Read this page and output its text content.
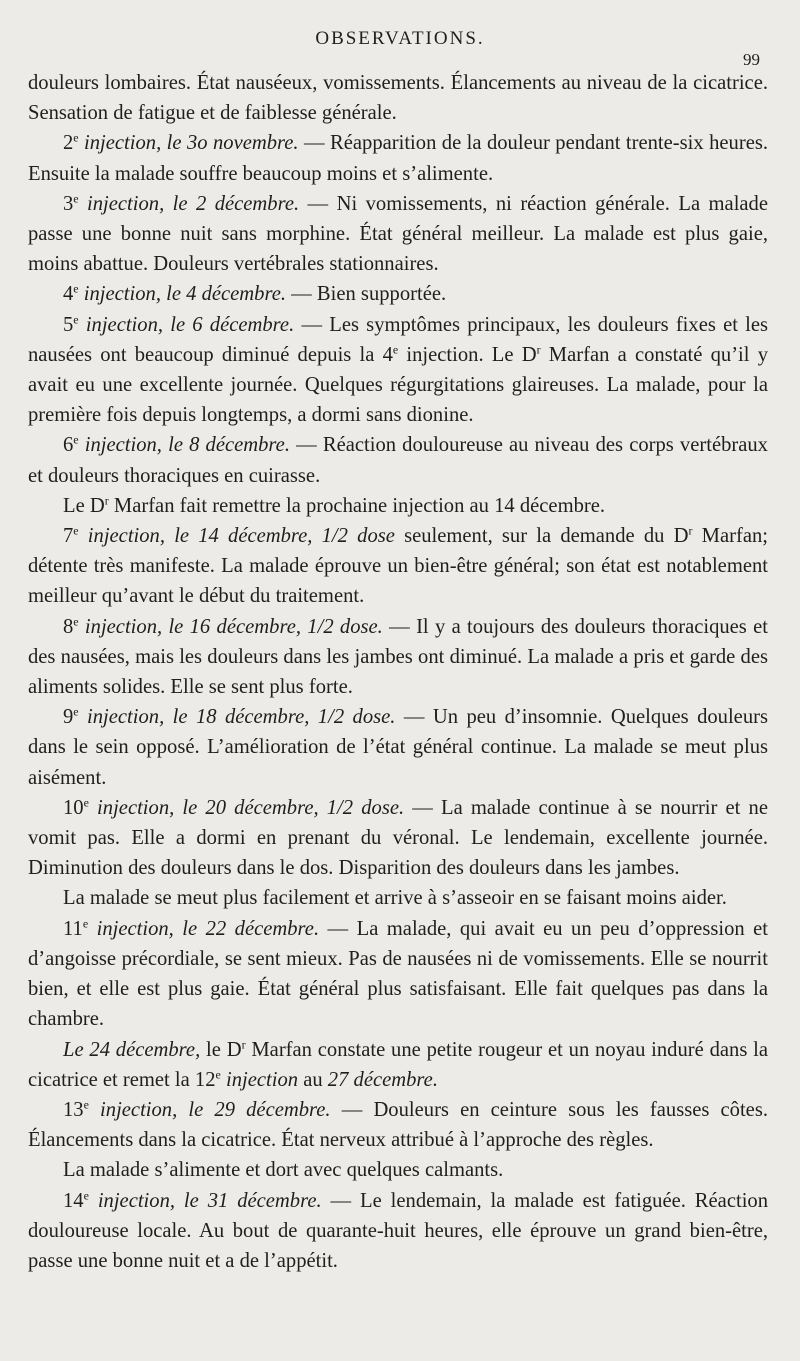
OBSERVATIONS.
99

douleurs lombaires. État nauséeux, vomissements. Élancements au niveau de la cicatrice. Sensation de fatigue et de faiblesse générale.

2e injection, le 3o novembre. — Réapparition de la douleur pendant trente-six heures. Ensuite la malade souffre beaucoup moins et s’alimente.

3e injection, le 2 décembre. — Ni vomissements, ni réaction générale. La malade passe une bonne nuit sans morphine. État général meilleur. La malade est plus gaie, moins abattue. Douleurs vertébrales stationnaires.

4e injection, le 4 décembre. — Bien supportée.

5e injection, le 6 décembre. — Les symptômes principaux, les douleurs fixes et les nausées ont beaucoup diminué depuis la 4e injection. Le $D^r$ Marfan a constaté qu’il y avait eu une excellente journée. Quelques régurgitations glaireuses. La malade, pour la première fois depuis longtemps, a dormi sans dionine.

6e injection, le 8 décembre. — Réaction douloureuse au niveau des corps vertébraux et douleurs thoraciques en cuirasse.

Le $D^r$ Marfan fait remettre la prochaine injection au 14 décembre.

7e injection, le 14 décembre, 1/2 dose seulement, sur la demande du $D^r$ Marfan; détente très manifeste. La malade éprouve un bien-être général; son état est notablement meilleur qu’avant le début du traitement.

8e injection, le 16 décembre, 1/2 dose. — Il y a toujours des douleurs thoraciques et des nausées, mais les douleurs dans les jambes ont diminué. La malade a pris et garde des aliments solides. Elle se sent plus forte.

9e injection, le 18 décembre, 1/2 dose. — Un peu d’insomnie. Quelques douleurs dans le sein opposé. L’amélioration de l’état général continue. La malade se meut plus aisément.

10e injection, le 20 décembre, 1/2 dose. — La malade continue à se nourrir et ne vomit pas. Elle a dormi en prenant du véronal. Le lendemain, excellente journée. Diminution des douleurs dans le dos. Disparition des douleurs dans les jambes.

La malade se meut plus facilement et arrive à s’asseoir en se faisant moins aider.

11e injection, le 22 décembre. — La malade, qui avait eu un peu d’oppression et d’angoisse précordiale, se sent mieux. Pas de nausées ni de vomissements. Elle se nourrit bien, et elle est plus gaie. État général plus satisfaisant. Elle fait quelques pas dans la chambre.

Le 24 décembre, le $D^r$ Marfan constate une petite rougeur et un noyau induré dans la cicatrice et remet la 12e injection au 27 décembre.

13e injection, le 29 décembre. — Douleurs en ceinture sous les fausses côtes. Élancements dans la cicatrice. État nerveux attribué à l’approche des règles.

La malade s’alimente et dort avec quelques calmants.

14e injection, le 31 décembre. — Le lendemain, la malade est fatiguée. Réaction douloureuse locale. Au bout de quarante-huit heures, elle éprouve un grand bien-être, passe une bonne nuit et a de l’appétit.
